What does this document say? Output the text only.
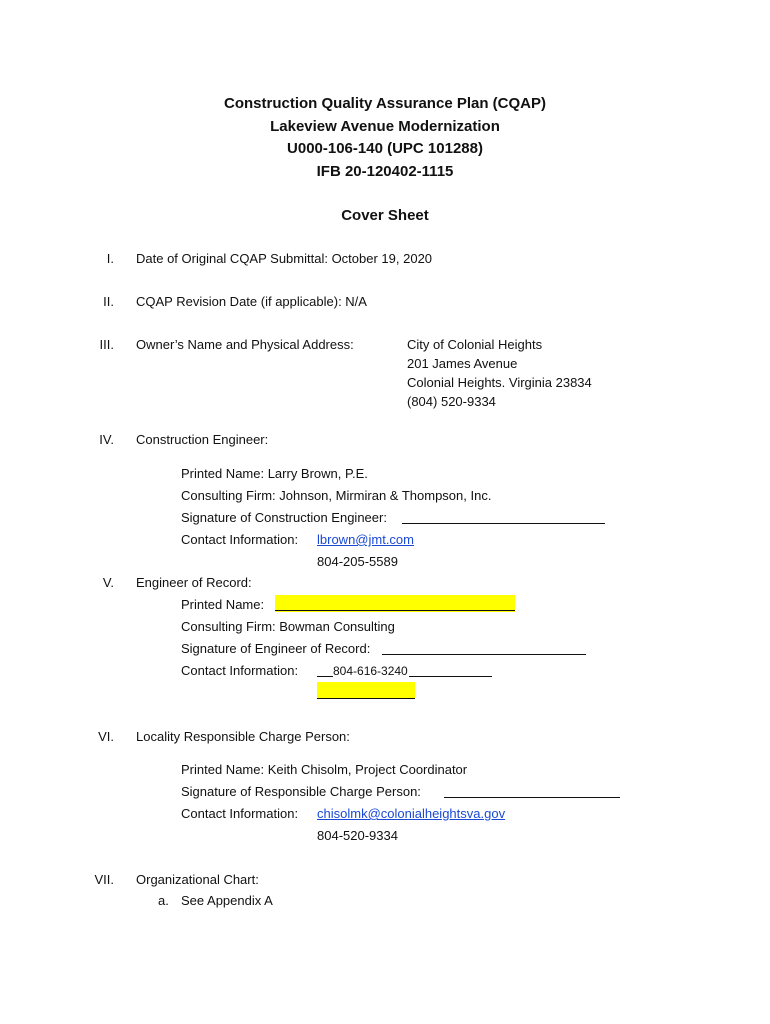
Construction Quality Assurance Plan (CQAP)
Lakeview Avenue Modernization
U000-106-140 (UPC 101288)
IFB 20-120402-1115
Cover Sheet
I. Date of Original CQAP Submittal: October 19, 2020
II. CQAP Revision Date (if applicable): N/A
III. Owner’s Name and Physical Address:	City of Colonial Heights
201 James Avenue
Colonial Heights. Virginia 23834
(804) 520-9334
IV. Construction Engineer:
Printed Name: Larry Brown, P.E.
Consulting Firm: Johnson, Mirmiran & Thompson, Inc.
Signature of Construction Engineer:
Contact Information: lbrown@jmt.com
804-205-5589
V. Engineer of Record:
Printed Name:
Consulting Firm: Bowman Consulting
Signature of Engineer of Record:
Contact Information:	804-616-3240
VI. Locality Responsible Charge Person:
Printed Name: Keith Chisolm, Project Coordinator
Signature of Responsible Charge Person:
Contact Information: chisolmk@colonialheightsva.gov
804-520-9334
VII. Organizational Chart:
a. See Appendix A
